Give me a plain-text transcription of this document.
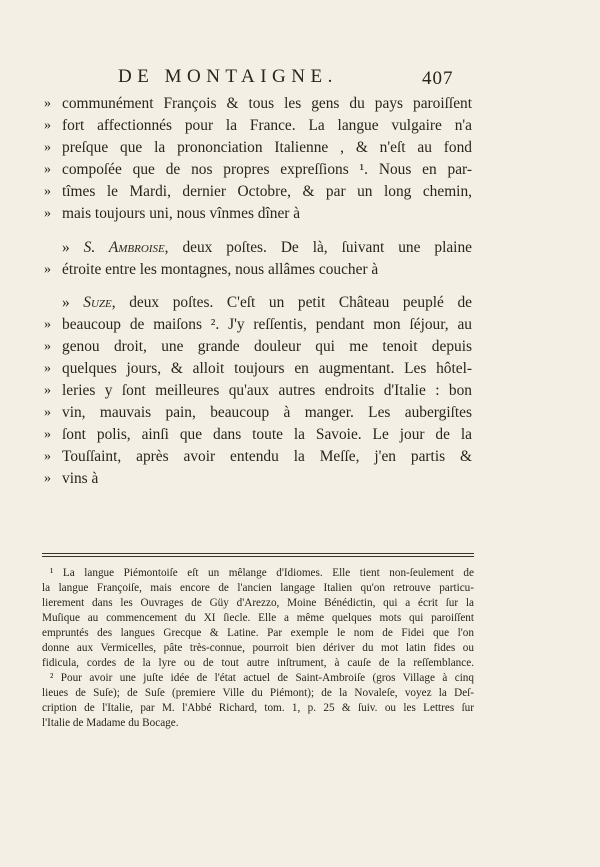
DE MONTAIGNE.	407
» communément François & tous les gens du pays paroiſſent
» fort affectionnés pour la France. La langue vulgaire n'a
» preſque que la prononciation Italienne , & n'eſt au fond
» compoſée que de nos propres expreſſions ¹. Nous en par-
» tîmes le Mardi, dernier Octobre, & par un long chemin,
» mais toujours uni, nous vînmes dîner à
» S. Ambroise, deux poſtes. De là, ſuivant une plaine
» étroite entre les montagnes, nous allâmes coucher à
» Suze, deux poſtes. C'eſt un petit Château peuplé de
» beaucoup de maiſons ². J'y reſſentis, pendant mon ſéjour, au
» genou droit, une grande douleur qui me tenoit depuis
» quelques jours, & alloit toujours en augmentant. Les hôtel-
» leries y ſont meilleures qu'aux autres endroits d'Italie : bon
» vin, mauvais pain, beaucoup à manger. Les aubergiſtes
» ſont polis, ainſi que dans toute la Savoie. Le jour de la
» Touſſaint, après avoir entendu la Meſſe, j'en partis &
» vins à
¹ La langue Piémontoiſe eſt un mêlange d'Idiomes. Elle tient non-ſeulement de
la langue Françoiſe, mais encore de l'ancien langage Italien qu'on retrouve particu-
lierement dans les Ouvrages de Güy d'Arezzo, Moine Bénédictin, qui a écrit ſur la
Muſique au commencement du XI ſiecle. Elle a même quelques mots qui paroiſſent
empruntés des langues Grecque & Latine. Par exemple le nom de Fidei que l'on
donne aux Vermicelles, pâte très-connue, pourroit bien dériver du mot latin fides ou
fidicula, cordes de la lyre ou de tout autre inſtrument, à cauſe de la reſſemblance.
² Pour avoir une juſte idée de l'état actuel de Saint-Ambroiſe (gros Village à cinq
lieues de Suſe); de Suſe (premiere Ville du Piémont); de la Novaleſe, voyez la Deſ-
cription de l'Italie, par M. l'Abbé Richard, tom. 1, p. 25 & ſuiv. ou les Lettres ſur
l'Italie de Madame du Bocage.
